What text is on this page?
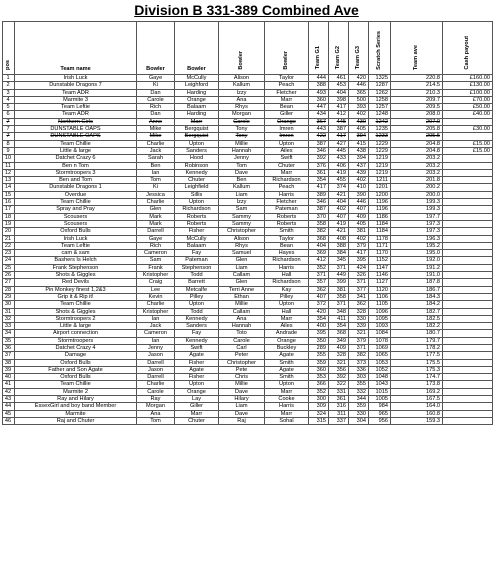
Division B 331-389 Combined Ave
pos	Team name	Bowler	Bowler	Bowler	Bowler	Team G1	Team G2	Team G3	Scratch Series	Team ave	Cash payout
1	Irish Luck	Gaye	McCully	Alison	Taylor	444	461	420	1325	220.8	£160.00
2	Dunstable Dragons 7	Ki	Leighford	Kallum	Peach	388	453	446	1287	214.5	£130.00
3	Team ADR	Dan	Harding	Izzy	Fletcher	493	404	365	1262	210.3	£100.00
4	Marmite 3	Carole	Orange	Ana	Marr	360	398	500	1258	209.7	£70.00
5	Team Leftie	Rich	Balaam	Rhys	Bean	447	417	393	1257	209.5	£50.00
6	Team ADR	Dan	Harding	Morgan	Giller	434	412	402	1248	208.0	£40.00
7	Northern Girls	Anne	Marr	Carole	Orange	367	445	430	1242	207.0	
7	DUNSTABLE OAPS	Mike	Bergquist	Tony	Imren	443	387	405	1235	205.8	£30.00
7	DUNSTABLE OAPS	Mike	Bergquist	Tony	Imren	422	417	394	1233	205.5	
8	Team Chillie	Charlie	Upton	Millie	Upton	387	427	415	1229	204.8	£15.00
9	Little & large	Jack	Sanders	Hannah	Ailes	346	445	438	1229	204.8	£15.00
10	Datchet Crazy 6	Sarah	Hood	Jenny	Swift	392	433	394	1219	203.2	
11	Ben n Tom	Ben	Robinson	Tom	Chuter	376	406	437	1219	203.2	
12	Stormtroopers 3	Ian	Kennedy	Dave	Marr	361	419	439	1219	203.2	
13	Ben and Tom	Tom	Chuter	Ben	Richardson	354	455	402	1211	201.8	
14	Dunstable Dragons 1	Ki	Leighfield	Kallum	Peach	417	374	410	1201	200.2	
15	Overdue	Jessica	Sillis	Liam	Harris	389	421	390	1200	200.0	
16	Team Chillie	Charlie	Upton	Izzy	Fletcher	346	404	446	1196	199.3	
17	Spray and Pray	Glen	Richardson	Sam	Pateman	387	402	407	1196	199.3	
18	Scousers	Mark	Roberts	Sammy	Roberts	370	407	409	1186	197.7	
19	Scousers	Mark	Roberts	Sammy	Roberts	358	419	405	1184	197.3	
20	Oxford Bulls	Darrell	Fisher	Christopher	Smith	382	421	381	1184	197.3	
21	Irish Luck	Gaye	McCully	Alison	Taylor	368	408	402	1178	196.3	
22	Team Leftie	Rich	Balaam	Rhys	Bean	404	388	379	1171	195.2	
23	cam & sam	Cameron	Fay	Samuel	Hayes	369	384	417	1170	195.0	
24	Bashers Is Helch	Sam	Pateman	Glen	Richardson	412	345	395	1152	192.0	
25	Frank Stephenson	Frank	Stephenson	Liam	Harris	352	371	424	1147	191.2	
26	Shots & Giggles	Kristopher	Todd	Callam	Hall	371	449	326	1146	191.0	
27	Red Devils	Craig	Barrett	Glen	Richardson	357	399	371	1127	187.8	
28	Pin Monkey finest 1,2&3	Lee	Metcalfe	Terri Anne	Kay	362	381	377	1120	186.7	
29	Grip it & Rip it!	Kevin	Pilley	Ethan	Pilley	407	358	341	1106	184.3	
30	Team Chillie	Charlie	Upton	Millie	Upton	372	371	362	1105	184.2	
31	Shots & Giggles	Kristopher	Todd	Callam	Hall	420	348	328	1096	182.7	
32	Stormtroopers 2	Ian	Kennedy	Ana	Marr	354	411	330	1095	182.5	
33	Little & large	Jack	Sanders	Hannah	Ailes	400	354	339	1093	182.2	
34	Airport connection	Cameron	Fay	Toto	Andrade	395	368	321	1084	180.7	
35	Stormtroopers	Ian	Kennedy	Carole	Orange	350	349	379	1078	179.7	
36	Datchet Crazy 4	Jenny	Swift	Carl	Buckley	289	409	371	1069	178.2	
37	Damage	Jason	Agate	Peter	Agate	355	328	382	1065	177.5	
38	Oxford Bulls	Darrell	Fisher	Christopher	Smith	359	321	373	1053	175.5	
39	Father and Son Agate	Jason	Agate	Pete	Agate	360	356	336	1052	175.3	
40	Oxford Bulls	Darrell	Fisher	Chris	Smith	353	392	303	1048	174.7	
41	Team Chillie	Charlie	Upton	Millie	Upton	366	322	355	1043	173.8	
42	Marmite 2	Carole	Orange	Dave	Marr	352	331	332	1015	169.2	
43	Ray and Hilary	Ray	Lay	Hilary	Cooke	300	361	344	1005	167.5	
44	EssexGirl and boy band Member	Morgan	Giller	Liam	Harris	309	316	359	984	164.0	
45	Marmite	Ana	Marr	Dave	Marr	324	311	330	965	160.8	
46	Raj and Chuter	Tom	Chuter	Raj	Sohal	315	337	304	956	159.3	
